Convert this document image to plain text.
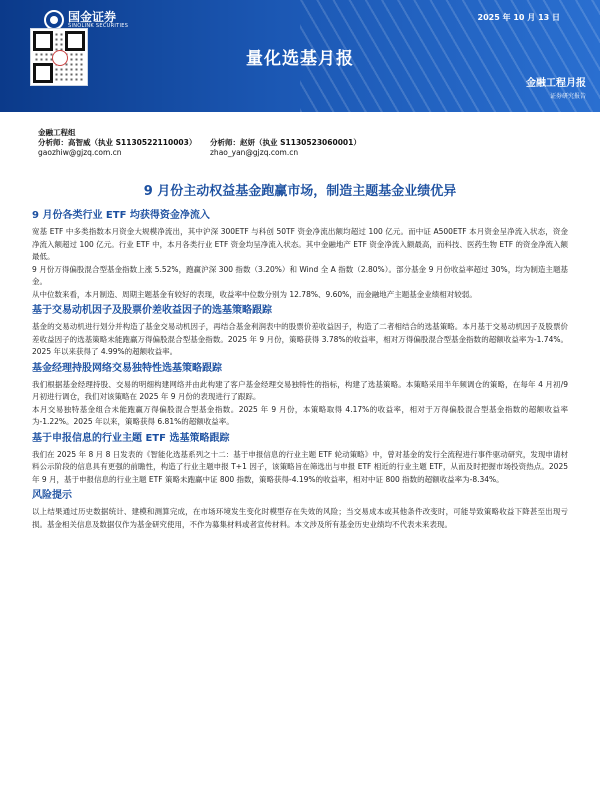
国金证券
SINOLINK SECURITIES
2025 年 10 月 13 日
量化选基月报
金融工程月报
证券研究报告
金融工程组
分析师：高智威（执业 S1130522110003）	分析师：赵妍（执业 S1130523060001）
gaozhiw@gjzq.com.cn	zhao_yan@gjzq.com.cn
9 月份主动权益基金跑赢市场，制造主题基金业绩优异
9 月份各类行业 ETF 均获得资金净流入

宽基 ETF 中多类指数本月资金大规模净流出，其中沪深 300ETF 与科创 50TF 资金净流出额均超过 100 亿元。而中证 A500ETF 本月资金呈净流入状态，资金净流入额超过 100 亿元。行业 ETF 中，本月各类行业 ETF 资金均呈净流入状态。其中金融地产 ETF 资金净流入额最高，而科技、医药生物 ETF 的资金净流入额最低。

9 月份万得偏股混合型基金指数上涨 5.52%，跑赢沪深 300 指数（3.20%）和 Wind 全 A 指数（2.80%）。部分基金 9 月份收益率超过 30%，均为制造主题基金。

从中位数来看，本月制造、周期主题基金有较好的表现，收益率中位数分别为 12.78%、9.60%，而金融地产主题基金业绩相对较弱。

基于交易动机因子及股票价差收益因子的选基策略跟踪

基金的交易动机进行划分并构造了基金交易动机因子，再结合基金利润表中的股票价差收益因子，构造了二者相结合的选基策略。本月基于交易动机因子及股票价差收益因子的选基策略未能跑赢万得偏股混合型基金指数。2025 年 9 月份，策略获得 3.78%的收益率，相对万得偏股混合型基金指数的超额收益率为-1.74%。2025 年以来获得了 4.99%的超额收益率。

基金经理持股网络交易独特性选基策略跟踪

我们根据基金经理持股、交易的明细构建网络并由此构建了客户基金经理交易独特性的指标，构建了选基策略。本策略采用半年频调仓的策略，在每年 4 月初/9 月初进行调仓，我们对该策略在 2025 年 9 月份的表现进行了跟踪。

本月交易独特基金组合未能跑赢万得偏股混合型基金指数。2025 年 9 月份，本策略取得 4.17%的收益率，相对于万得偏股混合型基金指数的超额收益率为-1.22%。2025 年以来，策略获得 6.81%的超额收益率。

基于申报信息的行业主题 ETF 选基策略跟踪

我们在 2025 年 8 月 8 日发表的《智能化选基系列之十二：基于申报信息的行业主题 ETF 轮动策略》中，曾对基金的发行全流程进行事件驱动研究，发现申请材料公示阶段的信息具有更强的前瞻性，构造了行业主题申报 T+1 因子，该策略旨在筛选出与申报 ETF 相近的行业主题 ETF，从而及时把握市场投资热点。2025 年 9 月，基于申报信息的行业主题 ETF 策略未跑赢中证 800 指数，策略获得-4.19%的收益率，相对中证 800 指数的超额收益率为-8.34%。

风险提示

以上结果通过历史数据统计、建模和测算完成，在市场环境发生变化时模型存在失效的风险；当交易成本或其他条件改变时，可能导致策略收益下降甚至出现亏损。基金相关信息及数据仅作为基金研究使用，不作为募集材料或者宣传材料。本文涉及所有基金历史业绩均不代表未来表现。
